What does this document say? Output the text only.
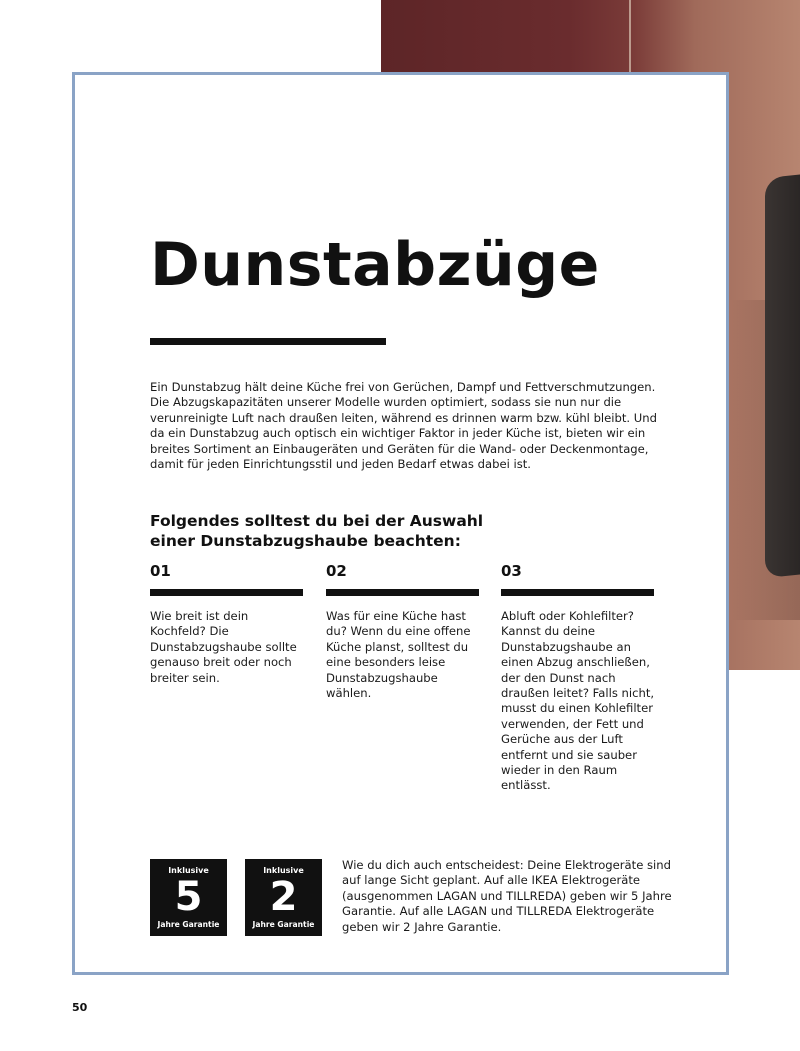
Dunstabzüge

Ein Dunstabzug hält deine Küche frei von Gerüchen, Dampf und Fettverschmutzungen. Die Abzugskapazitäten unserer Modelle wurden optimiert, sodass sie nun nur die verunreinigte Luft nach draußen leiten, während es drinnen warm bzw. kühl bleibt. Und da ein Dunstabzug auch optisch ein wichtiger Faktor in jeder Küche ist, bieten wir ein breites Sortiment an Einbaugeräten und Geräten für die Wand- oder Deckenmontage, damit für jeden Einrichtungsstil und jeden Bedarf etwas dabei ist.

Folgendes solltest du bei der Auswahl einer Dunstabzugshaube beachten:
01
Wie breit ist dein Kochfeld? Die Dunstabzugshaube sollte genauso breit oder noch breiter sein.
02
Was für eine Küche hast du? Wenn du eine offene Küche planst, solltest du eine besonders leise Dunstabzugshaube wählen.
03
Abluft oder Kohlefilter? Kannst du deine Dunstabzugshaube an einen Abzug anschließen, der den Dunst nach draußen leitet? Falls nicht, musst du einen Kohlefilter verwenden, der Fett und Gerüche aus der Luft entfernt und sie sauber wieder in den Raum entlässt.
Inklusive
5
Jahre Garantie
Inklusive
2
Jahre Garantie

Wie du dich auch entscheidest: Deine Elektrogeräte sind auf lange Sicht geplant. Auf alle IKEA Elektrogeräte (ausgenommen LAGAN und TILLREDA) geben wir 5 Jahre Garantie. Auf alle LAGAN und TILLREDA Elektrogeräte geben wir 2 Jahre Garantie.

50
